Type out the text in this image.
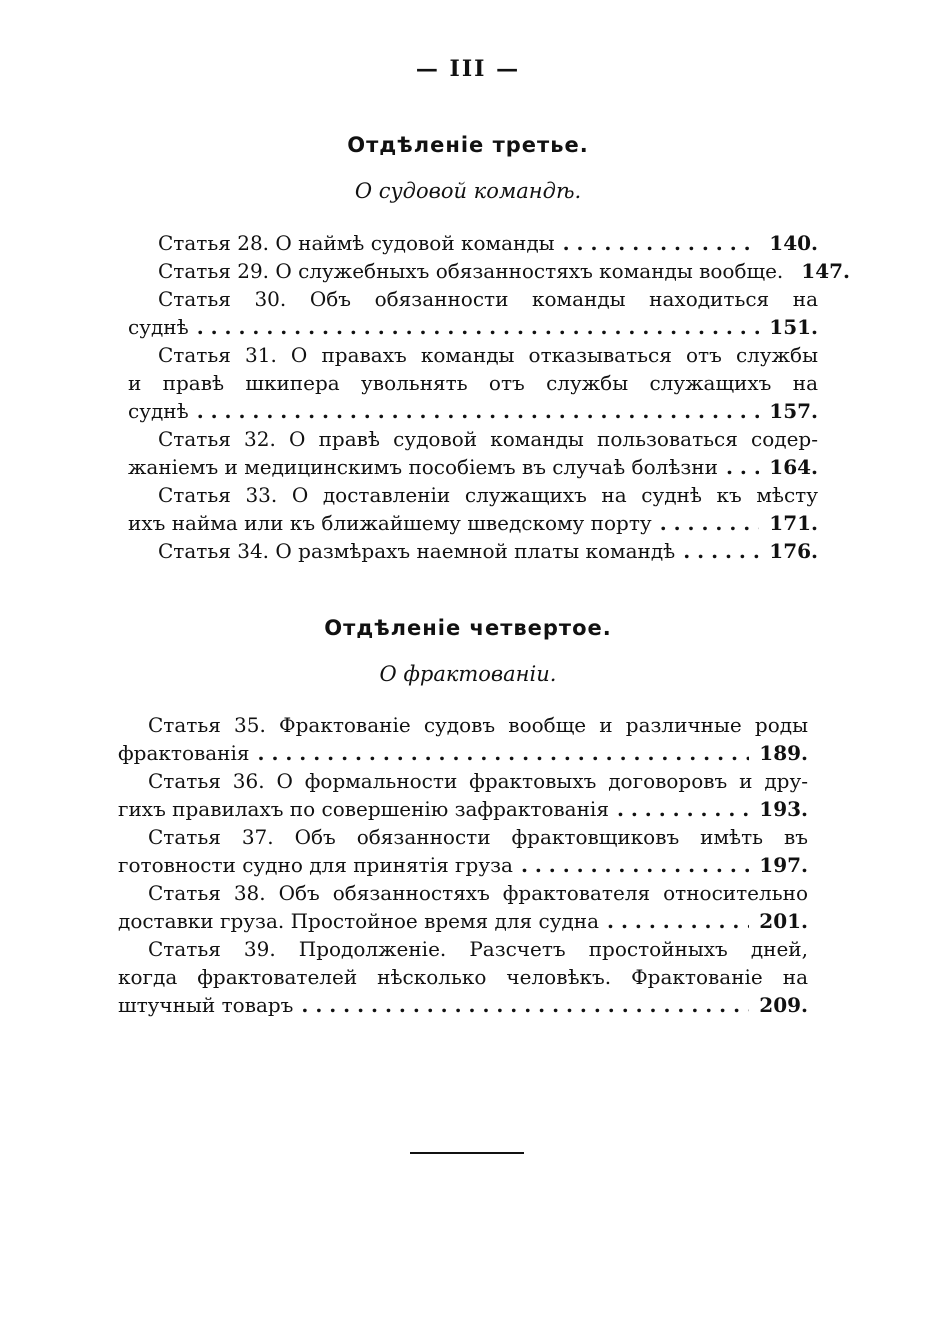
— III —
Отдѣленіе третье.
О судовой командѣ.
Статья 28. О наймѣ судовой команды . . .	140.
Статья 29. О служебныхъ обязанностяхъ команды вообще. 147.
Статья 30. Объ обязанности команды находиться на
суднѣ . . .	151.
Статья 31. О правахъ команды отказываться отъ службы
и правѣ шкипера увольнять отъ службы служащихъ на
суднѣ . . .	157.
Статья 32. О правѣ судовой команды пользоваться содер-
жаніемъ и медицинскимъ пособіемъ въ случаѣ болѣзни . . .	164.
Статья 33. О доставленіи служащихъ на суднѣ къ мѣсту
ихъ найма или къ ближайшему шведскому порту . . .	171.
Статья 34. О размѣрахъ наемной платы командѣ . . .	176.
Отдѣленіе четвертое.
О фрактованіи.
Статья 35. Фрактованіе судовъ вообще и различные роды
фрактованія . . .	189.
Статья 36. О формальности фрактовыхъ договоровъ и дру-
гихъ правилахъ по совершенію зафрактованія . . .	193.
Статья 37. Объ обязанности фрактовщиковъ имѣть въ
готовности судно для принятія груза . . .	197.
Статья 38. Объ обязанностяхъ фрактователя относительно
доставки груза. Простойное время для судна . . .	201.
Статья 39. Продолженіе. Разсчетъ простойныхъ дней,
когда фрактователей нѣсколько человѣкъ. Фрактованіе на
штучный товаръ . . .	209.
